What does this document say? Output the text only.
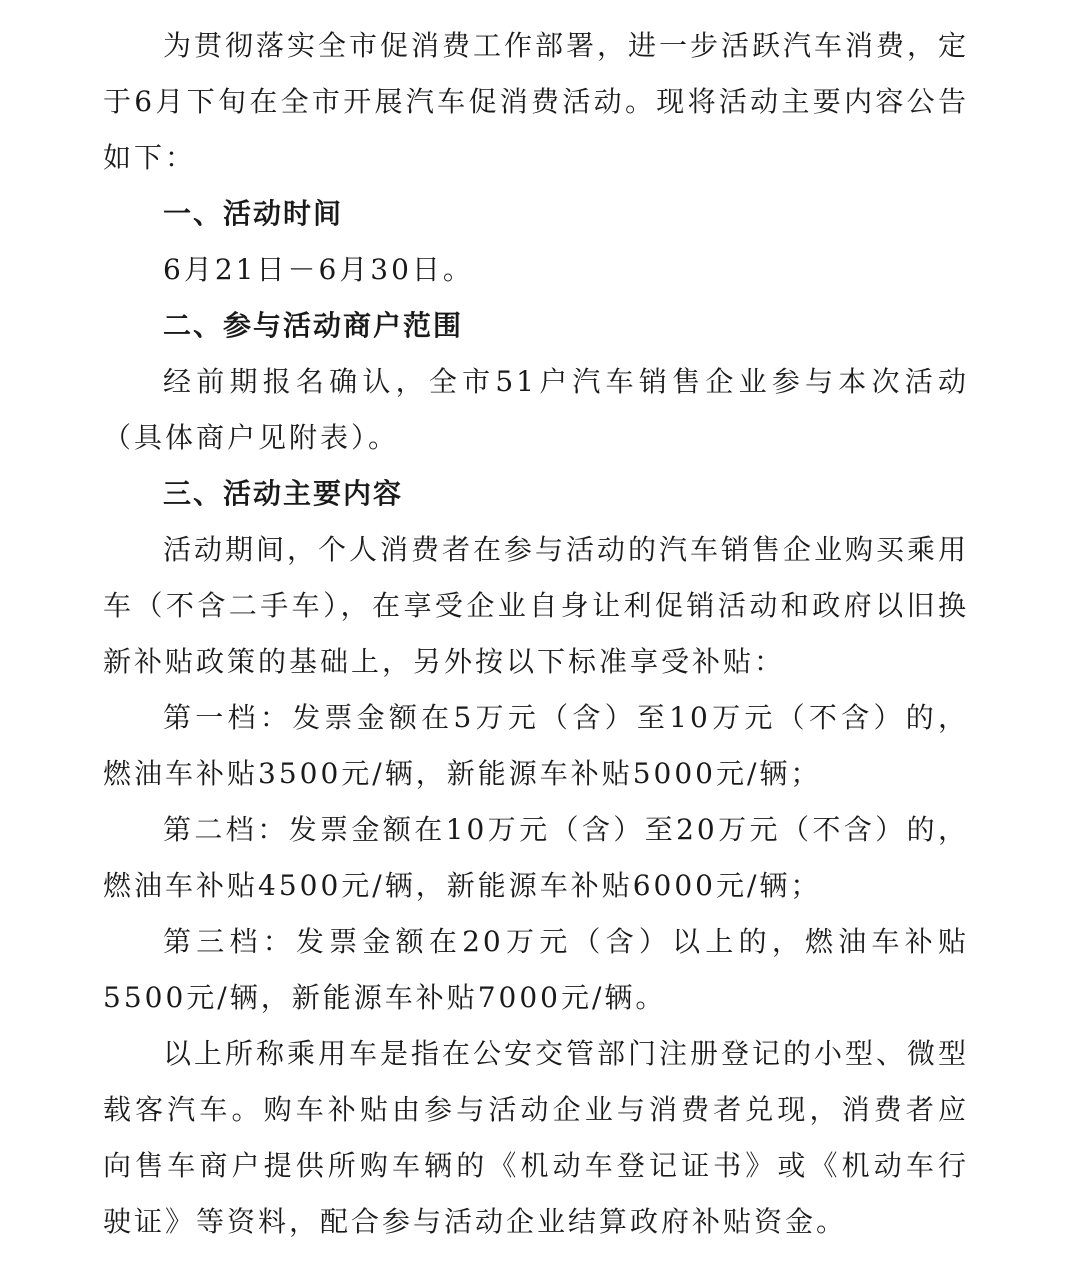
为贯彻落实全市促消费工作部署，进一步活跃汽车消费，定于6月下旬在全市开展汽车促消费活动。现将活动主要内容公告如下：

一、活动时间

6月21日－6月30日。

二、参与活动商户范围

经前期报名确认，全市51户汽车销售企业参与本次活动（具体商户见附表）。

三、活动主要内容

活动期间，个人消费者在参与活动的汽车销售企业购买乘用车（不含二手车），在享受企业自身让利促销活动和政府以旧换新补贴政策的基础上，另外按以下标准享受补贴：

第一档：发票金额在5万元（含）至10万元（不含）的，燃油车补贴3500元/辆，新能源车补贴5000元/辆；

第二档：发票金额在10万元（含）至20万元（不含）的，燃油车补贴4500元/辆，新能源车补贴6000元/辆；

第三档：发票金额在20万元（含）以上的，燃油车补贴5500元/辆，新能源车补贴7000元/辆。

以上所称乘用车是指在公安交管部门注册登记的小型、微型载客汽车。购车补贴由参与活动企业与消费者兑现，消费者应向售车商户提供所购车辆的《机动车登记证书》或《机动车行驶证》等资料，配合参与活动企业结算政府补贴资金。
